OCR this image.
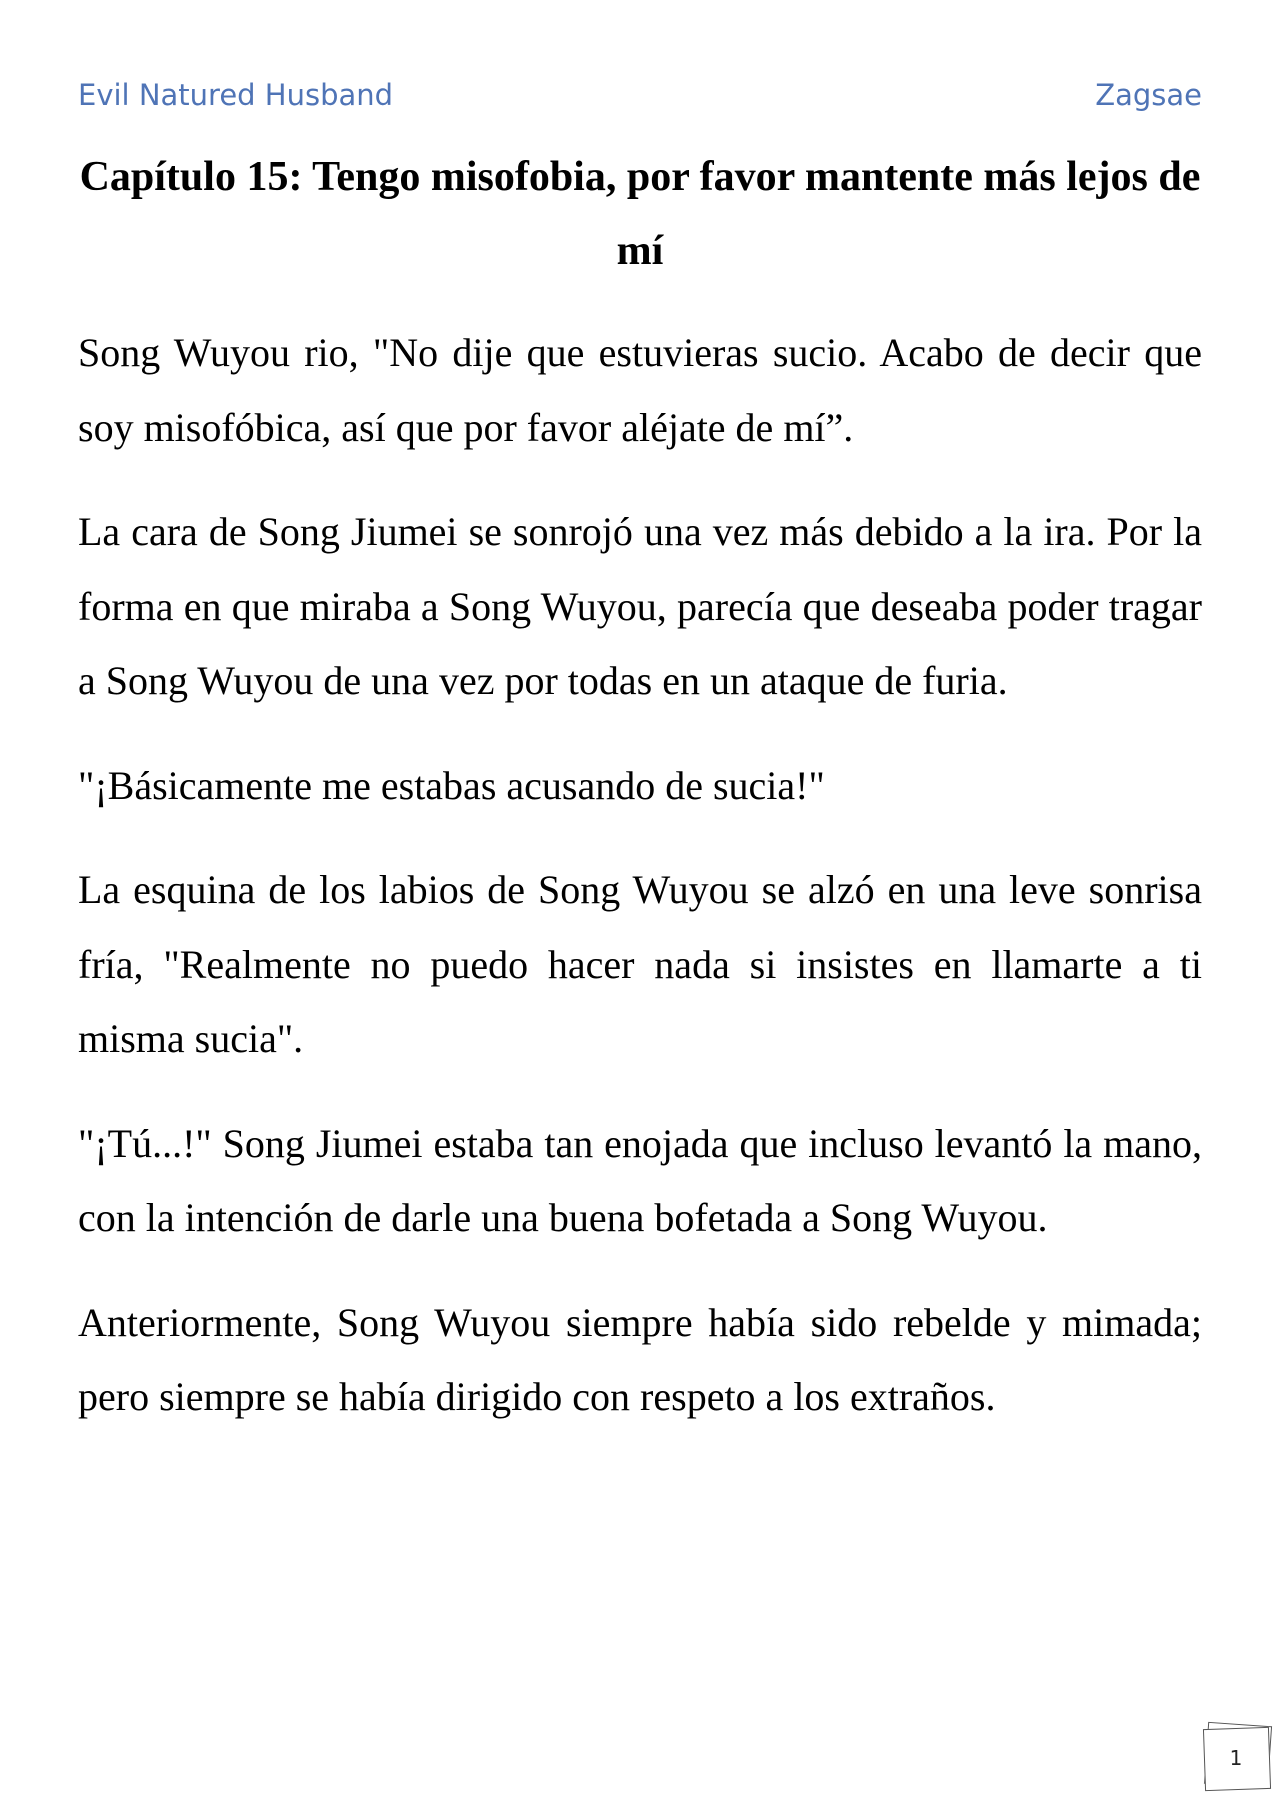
Evil Natured Husband	Zagsae
Capítulo 15: Tengo misofobia, por favor mantente más lejos de mí

Song Wuyou rio, "No dije que estuvieras sucio. Acabo de decir que soy misofóbica, así que por favor aléjate de mí”.

La cara de Song Jiumei se sonrojó una vez más debido a la ira. Por la forma en que miraba a Song Wuyou, parecía que deseaba poder tragar a Song Wuyou de una vez por todas en un ataque de furia.

"¡Básicamente me estabas acusando de sucia!"

La esquina de los labios de Song Wuyou se alzó en una leve sonrisa fría, "Realmente no puedo hacer nada si insistes en llamarte a ti misma sucia".

"¡Tú...!" Song Jiumei estaba tan enojada que incluso levantó la mano, con la intención de darle una buena bofetada a Song Wuyou.

Anteriormente, Song Wuyou siempre había sido rebelde y mimada; pero siempre se había dirigido con respeto a los extraños.

1
